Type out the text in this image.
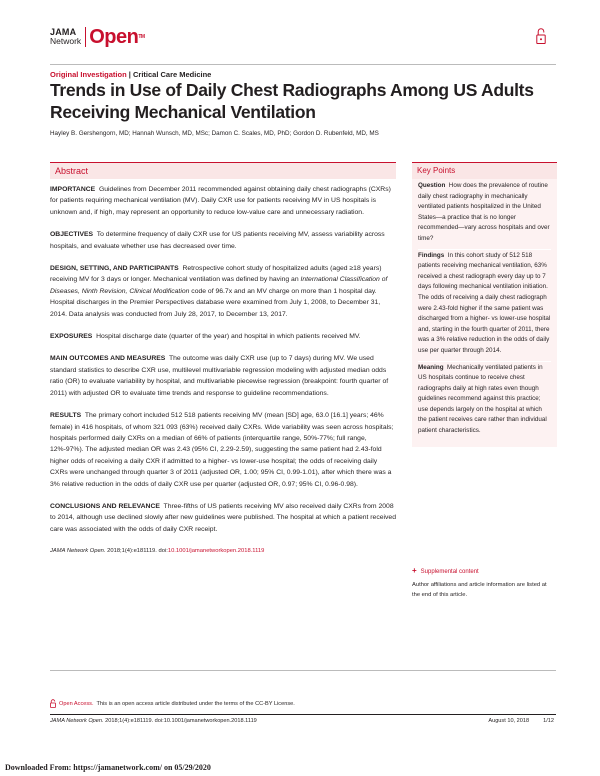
JAMA
Network Open™
Original Investigation | Critical Care Medicine
Trends in Use of Daily Chest Radiographs Among US Adults Receiving Mechanical Ventilation
Hayley B. Gershengorn, MD; Hannah Wunsch, MD, MSc; Damon C. Scales, MD, PhD; Gordon D. Rubenfeld, MD, MS
Abstract

IMPORTANCE Guidelines from December 2011 recommended against obtaining daily chest radiographs (CXRs) for patients requiring mechanical ventilation (MV). Daily CXR use for patients receiving MV in US hospitals is unknown and, if high, may represent an opportunity to reduce low-value care and unnecessary radiation.

OBJECTIVES To determine frequency of daily CXR use for US patients receiving MV, assess variability across hospitals, and evaluate whether use has decreased over time.

DESIGN, SETTING, AND PARTICIPANTS Retrospective cohort study of hospitalized adults (aged ≥18 years) receiving MV for 3 days or longer. Mechanical ventilation was defined by having an International Classification of Diseases, Ninth Revision, Clinical Modification code of 96.7x and an MV charge on more than 1 hospital day. Hospital discharges in the Premier Perspectives database were examined from July 1, 2008, to December 31, 2014. Data analysis was conducted from July 28, 2017, to December 13, 2017.

EXPOSURES Hospital discharge date (quarter of the year) and hospital in which patients received MV.

MAIN OUTCOMES AND MEASURES The outcome was daily CXR use (up to 7 days) during MV. We used standard statistics to describe CXR use, multilevel multivariable regression modeling with adjusted median odds ratio (OR) to evaluate variability by hospital, and multivariable piecewise regression (breakpoint: fourth quarter of 2011) with adjusted OR to evaluate time trends and response to guideline recommendations.

RESULTS The primary cohort included 512 518 patients receiving MV (mean [SD] age, 63.0 [16.1] years; 46% female) in 416 hospitals, of whom 321 093 (63%) received daily CXRs. Wide variability was seen across hospitals; hospitals performed daily CXRs on a median of 66% of patients (interquartile range, 50%-77%; full range, 12%-97%). The adjusted median OR was 2.43 (95% CI, 2.29-2.59), suggesting the same patient had 2.43-fold higher odds of receiving a daily CXR if admitted to a higher- vs lower-use hospital; the odds of receiving daily CXRs were unchanged through quarter 3 of 2011 (adjusted OR, 1.00; 95% CI, 0.99-1.01), after which there was a 3% relative reduction in the odds of daily CXR use per quarter (adjusted OR, 0.97; 95% CI, 0.96-0.98).

CONCLUSIONS AND RELEVANCE Three-fifths of US patients receiving MV also received daily CXRs from 2008 to 2014, although use declined slowly after new guidelines were published. The hospital at which a patient received care was associated with the odds of daily CXR receipt.

JAMA Network Open. 2018;1(4):e181119. doi:10.1001/jamanetworkopen.2018.1119

Key Points

Question How does the prevalence of routine daily chest radiography in mechanically ventilated patients hospitalized in the United States—a practice that is no longer recommended—vary across hospitals and over time?

Findings In this cohort study of 512 518 patients receiving mechanical ventilation, 63% received a chest radiograph every day up to 7 days following mechanical ventilation initiation. The odds of receiving a daily chest radiograph were 2.43-fold higher if the same patient was discharged from a higher- vs lower-use hospital and, starting in the fourth quarter of 2011, there was a 3% relative reduction in the odds of daily use per quarter through 2014.

Meaning Mechanically ventilated patients in US hospitals continue to receive chest radiographs daily at high rates even though guidelines recommend against this practice; use depends largely on the hospital at which the patient receives care rather than individual patient characteristics.

+ Supplemental content
Author affiliations and article information are listed at the end of this article.
Open Access. This is an open access article distributed under the terms of the CC-BY License.
JAMA Network Open. 2018;1(4):e181119. doi:10.1001/jamanetworkopen.2018.1119	August 10, 2018	1/12
Downloaded From: https://jamanetwork.com/ on 05/29/2020
